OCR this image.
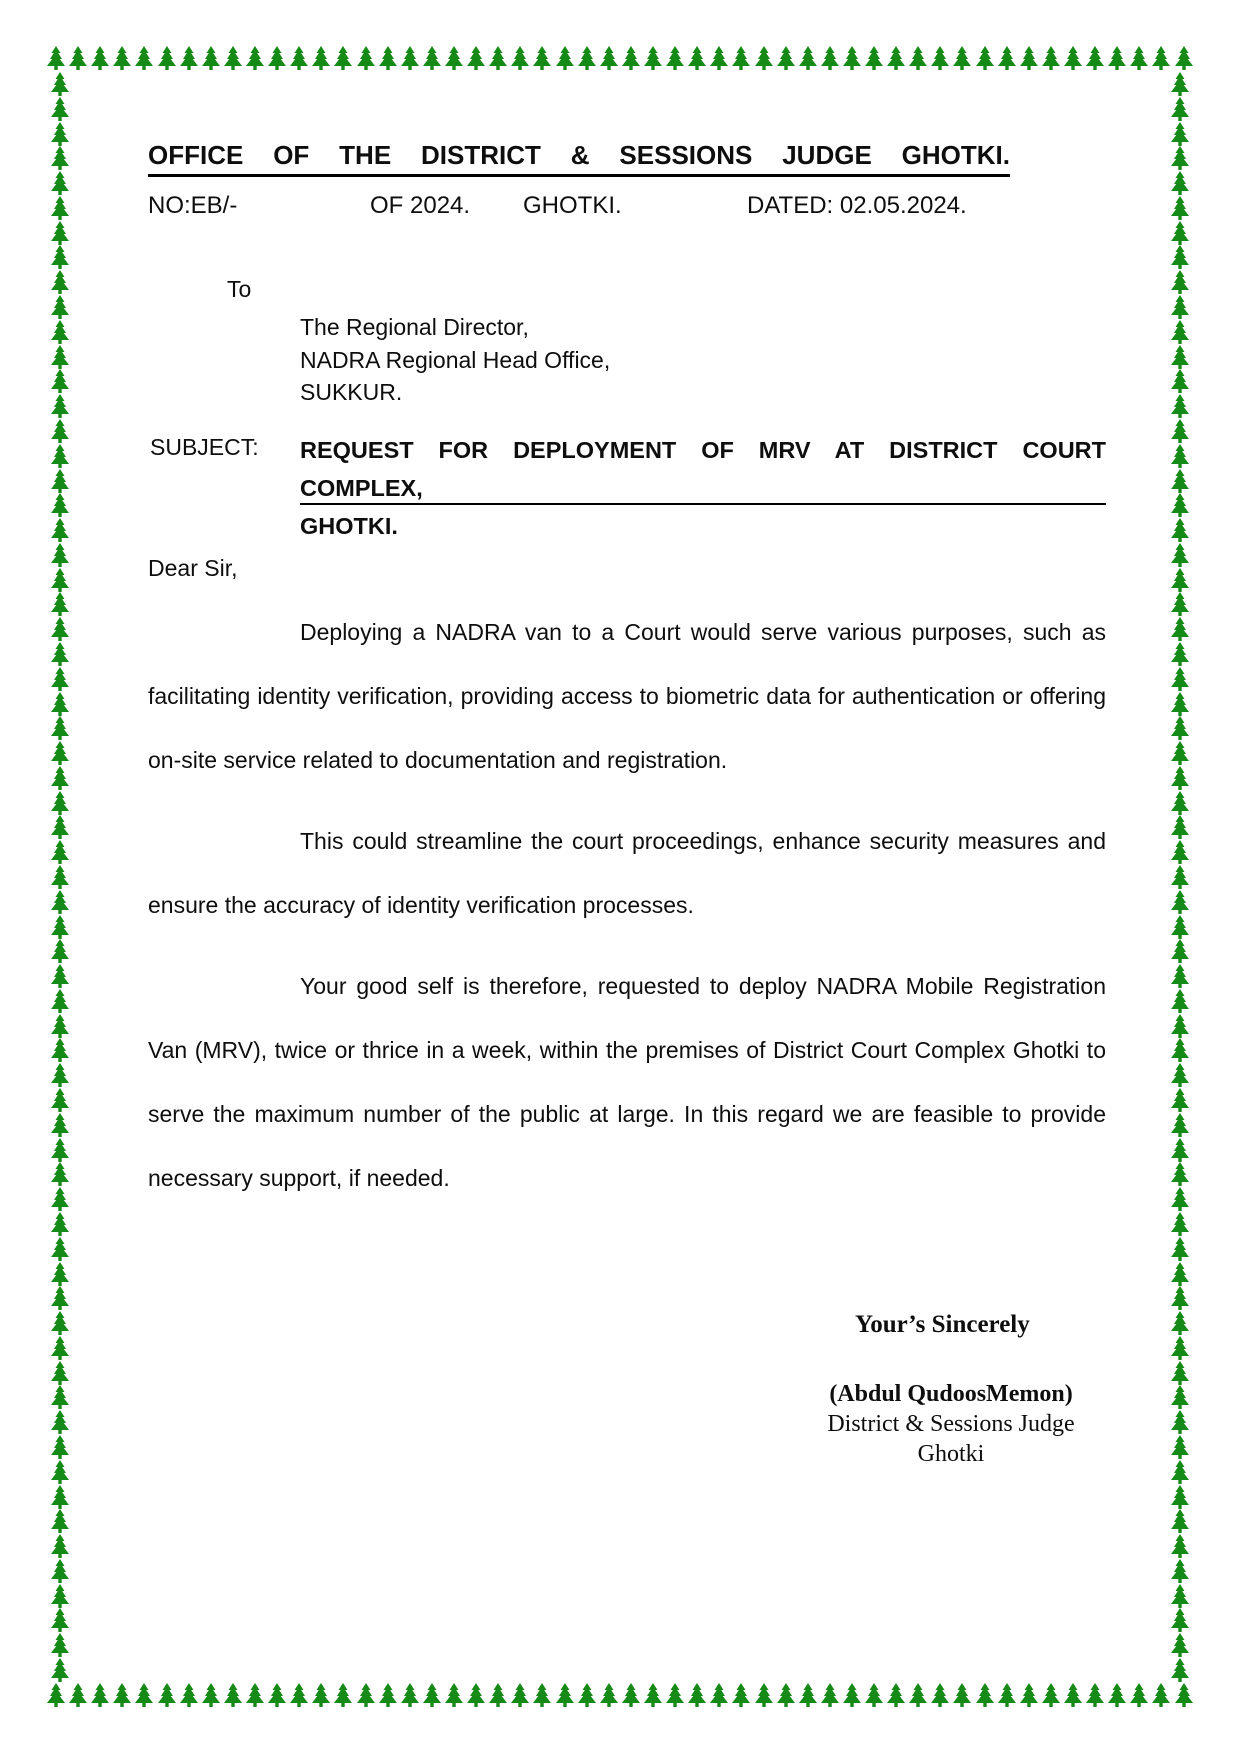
OFFICE OF THE DISTRICT & SESSIONS JUDGE GHOTKI.
NO:EB/-	OF 2024. GHOTKI.	DATED: 02.05.2024.
To
The Regional Director,
NADRA Regional Head Office,
SUKKUR.
SUBJECT: REQUEST FOR DEPLOYMENT OF MRV AT DISTRICT COURT COMPLEX,
GHOTKI.
Dear Sir,

Deploying a NADRA van to a Court would serve various purposes, such as facilitating identity verification, providing access to biometric data for authentication or offering on-site service related to documentation and registration.

This could streamline the court proceedings, enhance security measures and ensure the accuracy of identity verification processes.

Your good self is therefore, requested to deploy NADRA Mobile Registration Van (MRV), twice or thrice in a week, within the premises of District Court Complex Ghotki to serve the maximum number of the public at large. In this regard we are feasible to provide necessary support, if needed.

Your’s Sincerely
(Abdul QudoosMemon)
District & Sessions Judge
Ghotki
